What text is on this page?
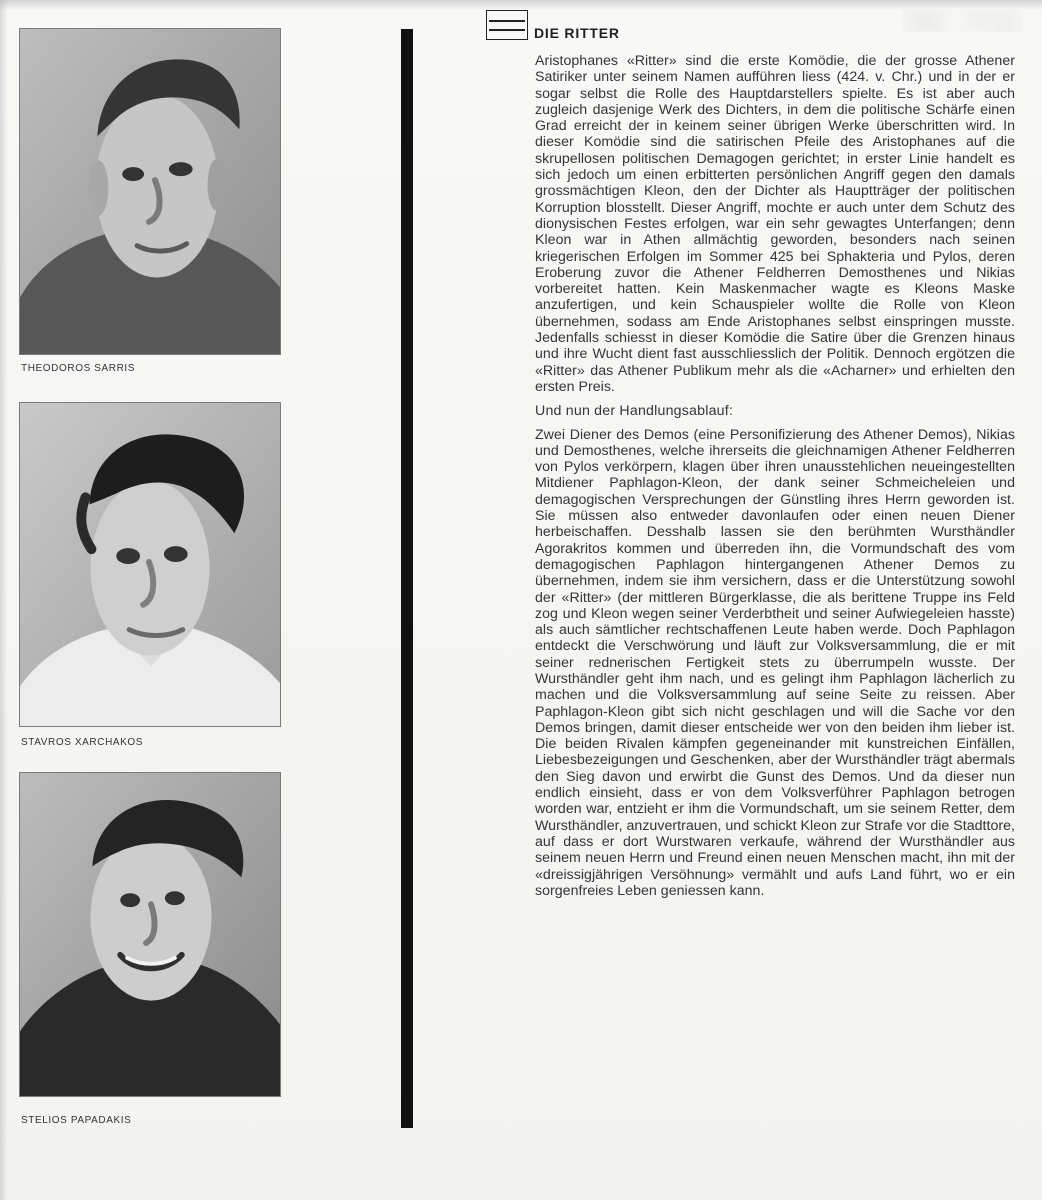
THEODOROS SARRIS
STAVROS XARCHAKOS
STELIOS PAPADAKIS
DIE RITTER

Aristophanes «Ritter» sind die erste Komödie, die der grosse Athener Satiriker unter seinem Namen aufführen liess (424. v. Chr.) und in der er sogar selbst die Rolle des Hauptdarstellers spielte. Es ist aber auch zugleich dasjenige Werk des Dichters, in dem die politische Schärfe einen Grad erreicht der in keinem seiner übrigen Werke überschritten wird. In dieser Komödie sind die satirischen Pfeile des Aristophanes auf die skrupellosen politischen Demagogen gerichtet; in erster Linie handelt es sich jedoch um einen erbitterten persönlichen Angriff gegen den damals grossmächtigen Kleon, den der Dichter als Hauptträger der politischen Korruption blosstellt. Dieser Angriff, mochte er auch unter dem Schutz des dionysischen Festes erfolgen, war ein sehr gewagtes Unterfangen; denn Kleon war in Athen allmächtig geworden, besonders nach seinen kriegerischen Erfolgen im Sommer 425 bei Sphakteria und Pylos, deren Eroberung zuvor die Athener Feldherren Demosthenes und Nikias vorbereitet hatten. Kein Maskenmacher wagte es Kleons Maske anzufertigen, und kein Schauspieler wollte die Rolle von Kleon übernehmen, sodass am Ende Aristophanes selbst einspringen musste. Jedenfalls schiesst in dieser Komödie die Satire über die Grenzen hinaus und ihre Wucht dient fast ausschliesslich der Politik. Dennoch ergötzen die «Ritter» das Athener Publikum mehr als die «Acharner» und erhielten den ersten Preis.

Und nun der Handlungsablauf:

Zwei Diener des Demos (eine Personifizierung des Athener Demos), Nikias und Demosthenes, welche ihrerseits die gleichnamigen Athener Feldherren von Pylos verkörpern, klagen über ihren unausstehlichen neueingestellten Mitdiener Paphlagon-Kleon, der dank seiner Schmeicheleien und demagogischen Versprechungen der Günstling ihres Herrn geworden ist. Sie müssen also entweder davonlaufen oder einen neuen Diener herbeischaffen. Desshalb lassen sie den berühmten Wursthändler Agorakritos kommen und überreden ihn, die Vormundschaft des vom demagogischen Paphlagon hintergangenen Athener Demos zu übernehmen, indem sie ihm versichern, dass er die Unterstützung sowohl der «Ritter» (der mittleren Bürgerklasse, die als berittene Truppe ins Feld zog und Kleon wegen seiner Verderbtheit und seiner Aufwiegeleien hasste) als auch sämtlicher rechtschaffenen Leute haben werde. Doch Paphlagon entdeckt die Verschwörung und läuft zur Volksversammlung, die er mit seiner rednerischen Fertigkeit stets zu überrumpeln wusste. Der Wursthändler geht ihm nach, und es gelingt ihm Paphlagon lächerlich zu machen und die Volksversammlung auf seine Seite zu reissen. Aber Paphlagon-Kleon gibt sich nicht geschlagen und will die Sache vor den Demos bringen, damit dieser entscheide wer von den beiden ihm lieber ist. Die beiden Rivalen kämpfen gegeneinander mit kunstreichen Einfällen, Liebesbezeigungen und Geschenken, aber der Wursthändler trägt abermals den Sieg davon und erwirbt die Gunst des Demos. Und da dieser nun endlich einsieht, dass er von dem Volksverführer Paphlagon betrogen worden war, entzieht er ihm die Vormundschaft, um sie seinem Retter, dem Wursthändler, anzuvertrauen, und schickt Kleon zur Strafe vor die Stadttore, auf dass er dort Wurstwaren verkaufe, während der Wursthändler aus seinem neuen Herrn und Freund einen neuen Menschen macht, ihn mit der «dreissigjährigen Versöhnung» vermählt und aufs Land führt, wo er ein sorgenfreies Leben geniessen kann.
